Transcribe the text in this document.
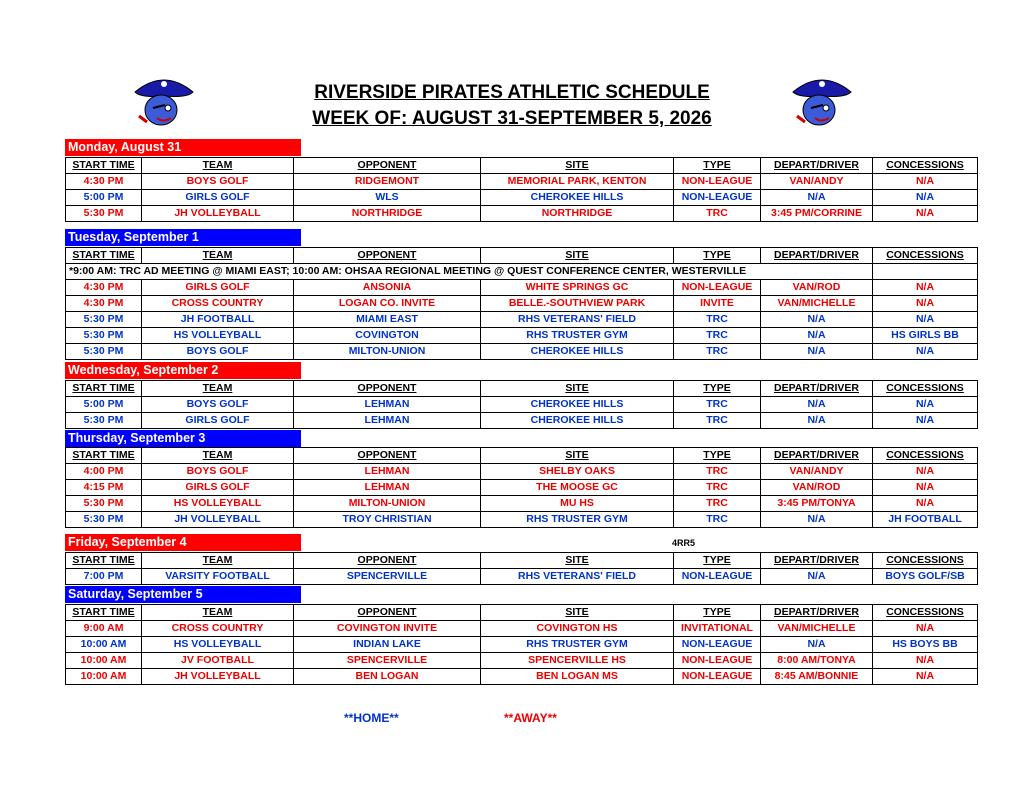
RIVERSIDE PIRATES ATHLETIC SCHEDULE
WEEK OF: AUGUST 31-SEPTEMBER 5, 2026
Monday, August 31
START TIME	TEAM	OPPONENT	SITE	TYPE	DEPART/DRIVER	CONCESSIONS
4:30 PM	BOYS GOLF	RIDGEMONT	MEMORIAL PARK, KENTON	NON-LEAGUE	VAN/ANDY	N/A
5:00 PM	GIRLS GOLF	WLS	CHEROKEE HILLS	NON-LEAGUE	N/A	N/A
5:30 PM	JH VOLLEYBALL	NORTHRIDGE	NORTHRIDGE	TRC	3:45 PM/CORRINE	N/A
Tuesday, September 1
START TIME	TEAM	OPPONENT	SITE	TYPE	DEPART/DRIVER	CONCESSIONS
*9:00 AM: TRC AD MEETING @ MIAMI EAST; 10:00 AM: OHSAA REGIONAL MEETING @ QUEST CONFERENCE CENTER, WESTERVILLE						
4:30 PM	GIRLS GOLF	ANSONIA	WHITE SPRINGS GC	NON-LEAGUE	VAN/ROD	N/A
4:30 PM	CROSS COUNTRY	LOGAN CO. INVITE	BELLE.-SOUTHVIEW PARK	INVITE	VAN/MICHELLE	N/A
5:30 PM	JH FOOTBALL	MIAMI EAST	RHS VETERANS' FIELD	TRC	N/A	N/A
5:30 PM	HS VOLLEYBALL	COVINGTON	RHS TRUSTER GYM	TRC	N/A	HS GIRLS BB
5:30 PM	BOYS GOLF	MILTON-UNION	CHEROKEE HILLS	TRC	N/A	N/A
Wednesday, September 2
START TIME	TEAM	OPPONENT	SITE	TYPE	DEPART/DRIVER	CONCESSIONS
5:00 PM	BOYS GOLF	LEHMAN	CHEROKEE HILLS	TRC	N/A	N/A
5:30 PM	GIRLS GOLF	LEHMAN	CHEROKEE HILLS	TRC	N/A	N/A
Thursday, September 3
START TIME	TEAM	OPPONENT	SITE	TYPE	DEPART/DRIVER	CONCESSIONS
4:00 PM	BOYS GOLF	LEHMAN	SHELBY OAKS	TRC	VAN/ANDY	N/A
4:15 PM	GIRLS GOLF	LEHMAN	THE MOOSE GC	TRC	VAN/ROD	N/A
5:30 PM	HS VOLLEYBALL	MILTON-UNION	MU HS	TRC	3:45 PM/TONYA	N/A
5:30 PM	JH VOLLEYBALL	TROY CHRISTIAN	RHS TRUSTER GYM	TRC	N/A	JH FOOTBALL
Friday, September 4	4RR5
START TIME	TEAM	OPPONENT	SITE	TYPE	DEPART/DRIVER	CONCESSIONS
7:00 PM	VARSITY FOOTBALL	SPENCERVILLE	RHS VETERANS' FIELD	NON-LEAGUE	N/A	BOYS GOLF/SB
Saturday, September 5
START TIME	TEAM	OPPONENT	SITE	TYPE	DEPART/DRIVER	CONCESSIONS
9:00 AM	CROSS COUNTRY	COVINGTON INVITE	COVINGTON HS	INVITATIONAL	VAN/MICHELLE	N/A
10:00 AM	HS VOLLEYBALL	INDIAN LAKE	RHS TRUSTER GYM	NON-LEAGUE	N/A	HS BOYS BB
10:00 AM	JV FOOTBALL	SPENCERVILLE	SPENCERVILLE HS	NON-LEAGUE	8:00 AM/TONYA	N/A
10:00 AM	JH VOLLEYBALL	BEN LOGAN	BEN LOGAN MS	NON-LEAGUE	8:45 AM/BONNIE	N/A
**HOME**	**AWAY**
